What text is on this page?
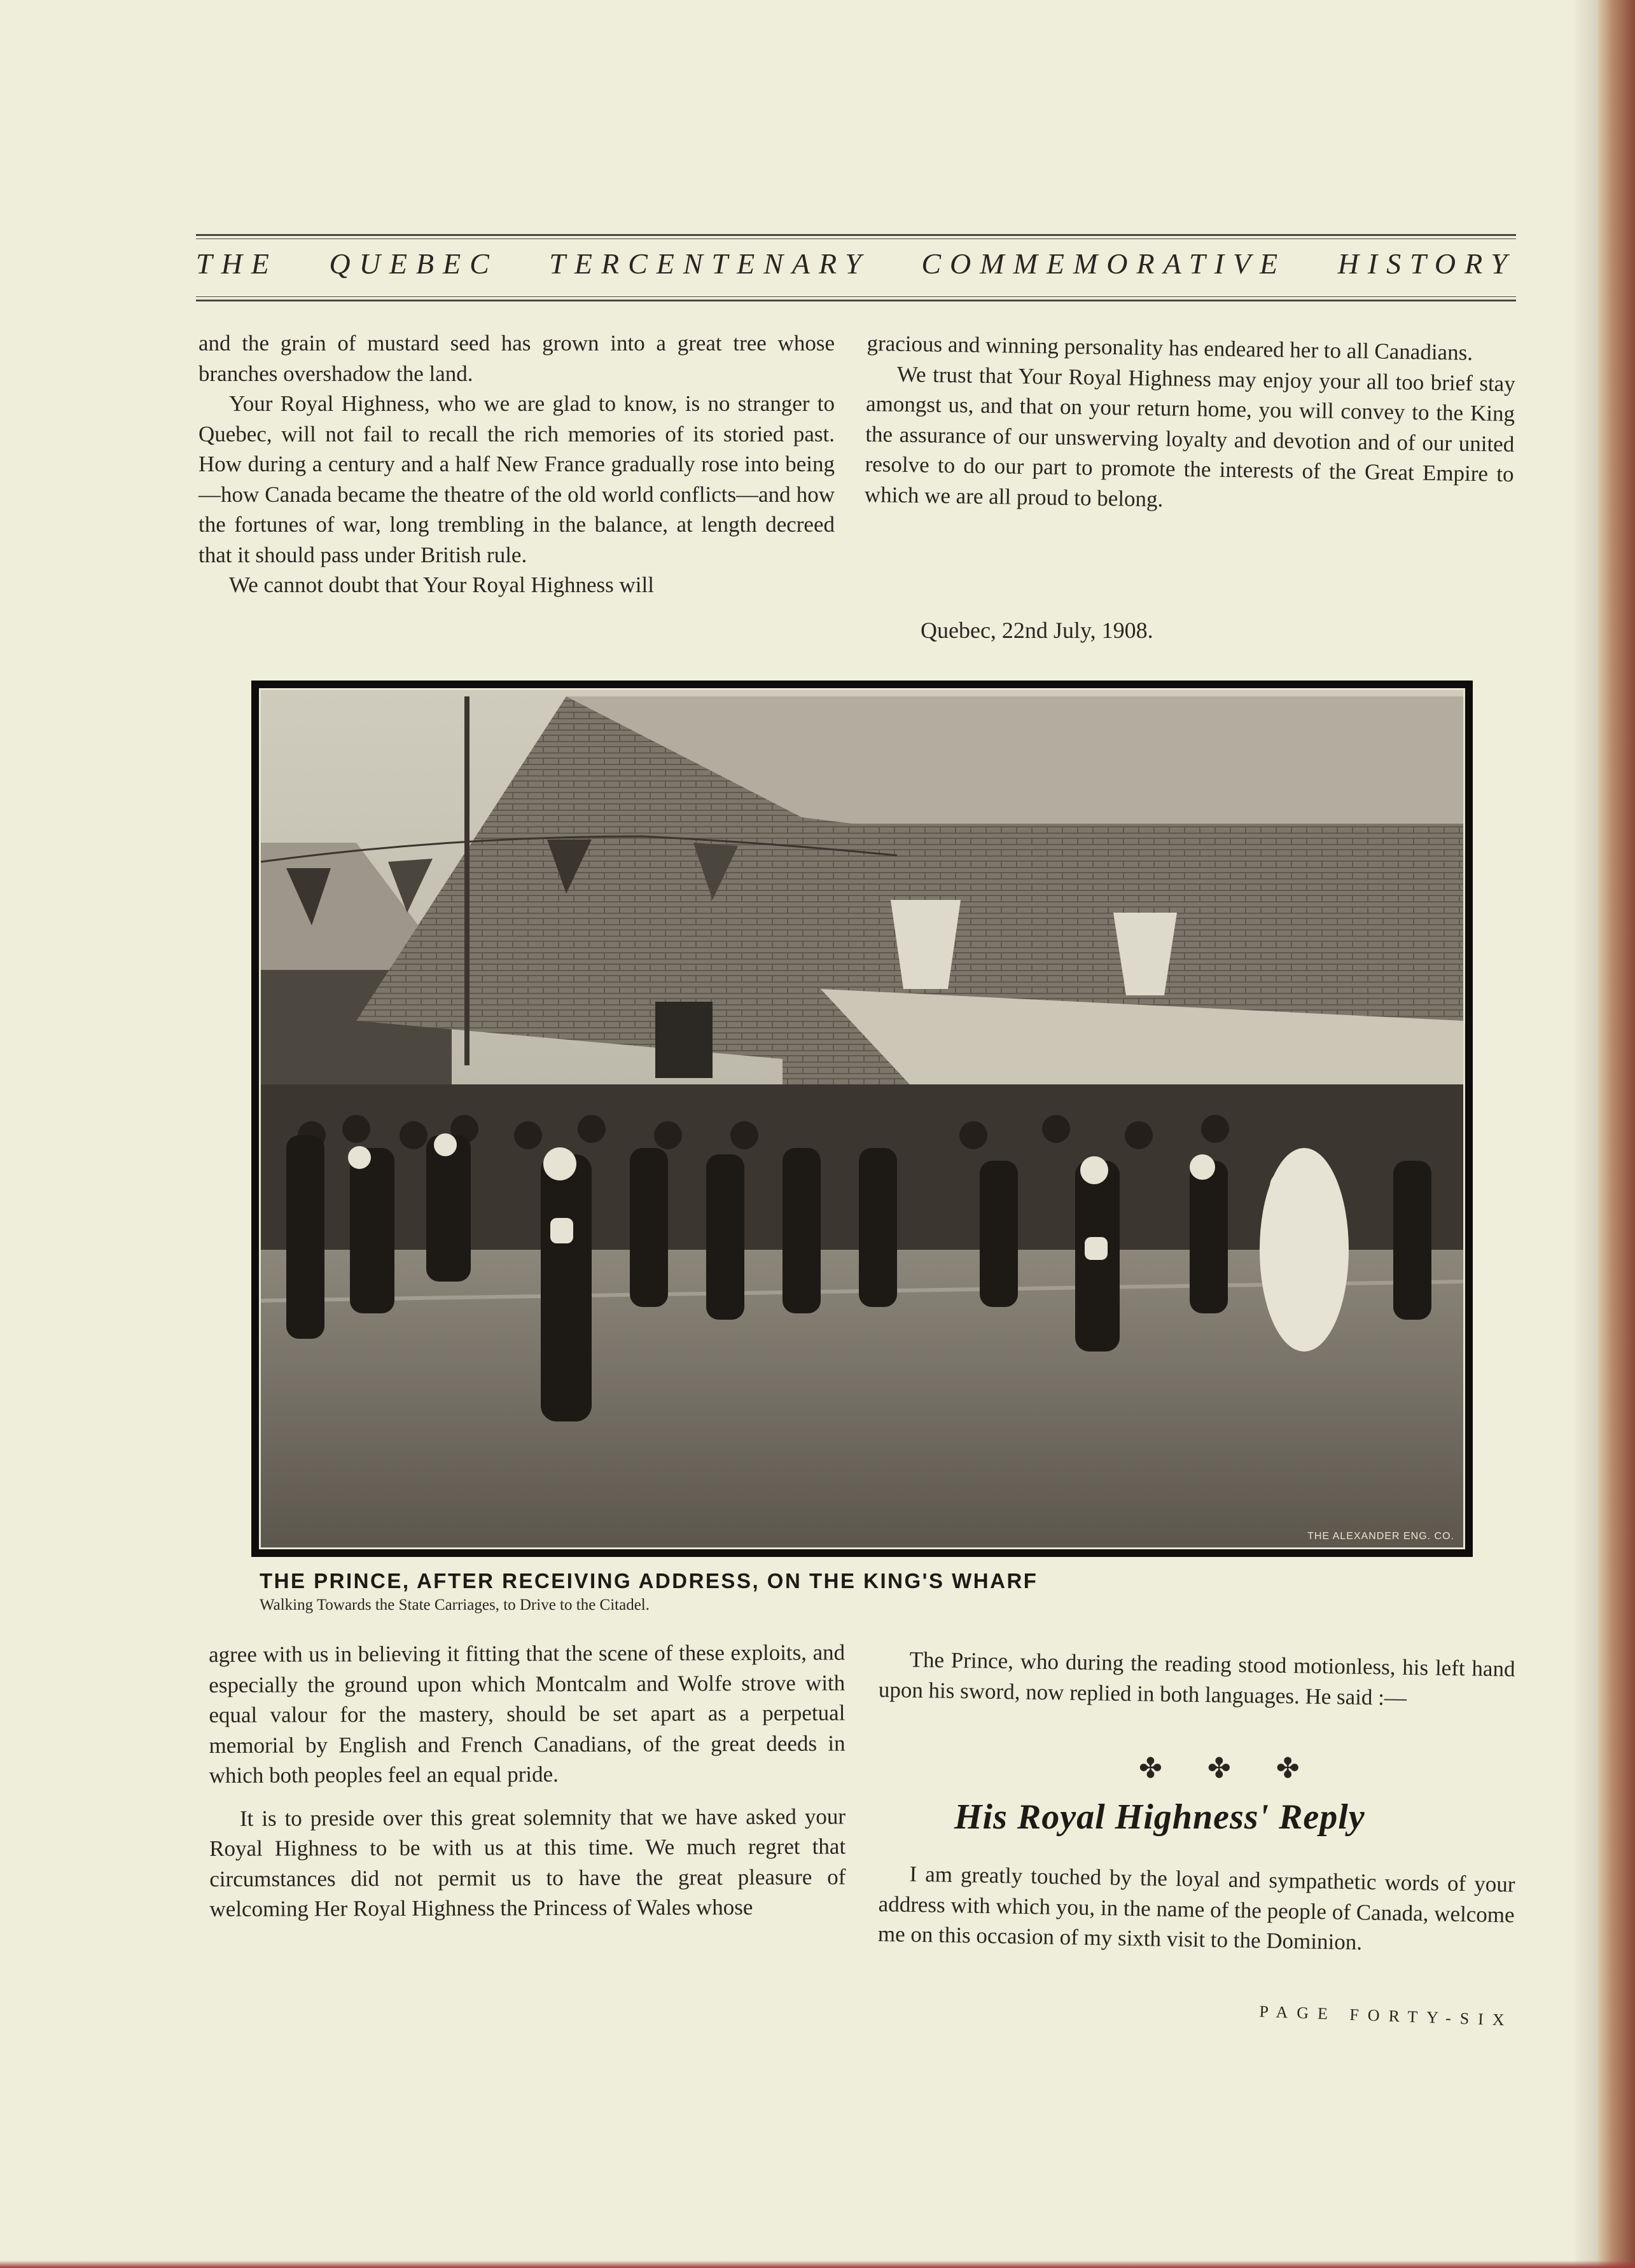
THE QUEBEC TERCENTENARY COMMEMORATIVE HISTORY

and the grain of mustard seed has grown into a great tree whose branches overshadow the land.

Your Royal Highness, who we are glad to know, is no stranger to Quebec, will not fail to recall the rich memories of its storied past. How during a century and a half New France gradually rose into being—how Canada became the theatre of the old world conflicts—and how the fortunes of war, long trembling in the balance, at length decreed that it should pass under British rule.

We cannot doubt that Your Royal Highness will

gracious and winning personality has endeared her to all Canadians.

We trust that Your Royal Highness may enjoy your all too brief stay amongst us, and that on your return home, you will convey to the King the assurance of our unswerving loyalty and devotion and of our united resolve to do our part to promote the interests of the Great Empire to which we are all proud to belong.

Quebec, 22nd July, 1908.
THE ALEXANDER ENG. CO.
THE PRINCE, AFTER RECEIVING ADDRESS, ON THE KING'S WHARF
Walking Towards the State Carriages, to Drive to the Citadel.

agree with us in believing it fitting that the scene of these exploits, and especially the ground upon which Montcalm and Wolfe strove with equal valour for the mastery, should be set apart as a perpetual memorial by English and French Canadians, of the great deeds in which both peoples feel an equal pride.

It is to preside over this great solemnity that we have asked your Royal Highness to be with us at this time. We much regret that circumstances did not permit us to have the great pleasure of welcoming Her Royal Highness the Princess of Wales whose

The Prince, who during the reading stood motionless, his left hand upon his sword, now replied in both languages. He said :—

✤ ✤ ✤
His Royal Highness' Reply

I am greatly touched by the loyal and sympathetic words of your address with which you, in the name of the people of Canada, welcome me on this occasion of my sixth visit to the Dominion.

PAGE FORTY-SIX
